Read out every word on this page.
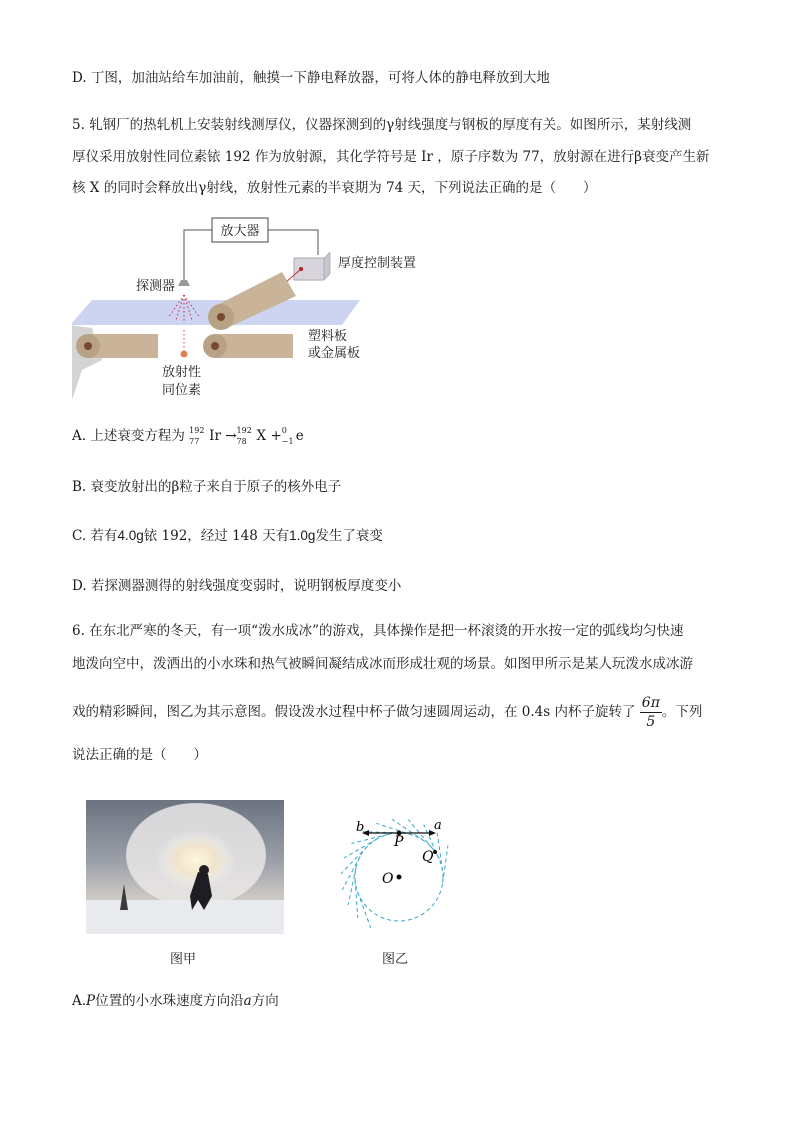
D. 丁图，加油站给车加油前，触摸一下静电释放器，可将人体的静电释放到大地
5. 轧钢厂的热轧机上安装射线测厚仪，仪器探测到的γ射线强度与钢板的厚度有关。如图所示，某射线测
厚仪采用放射性同位素铱 192 作为放射源，其化学符号是 Ir ，原子序数为 77，放射源在进行β衰变产生新
核 X 的同时会释放出γ射线，放射性元素的半衰期为 74 天，下列说法正确的是（　　）
放大器
厚度控制装置
探测器
放射性
同位素
塑料板
或金属板
A. 上述衰变方程为 192
77 Ir → 192
78 X + 0
−1 e
B. 衰变放射出的β粒子来自于原子的核外电子
C. 若有4.0g铱 192，经过 148 天有1.0g发生了衰变
D. 若探测器测得的射线强度变弱时，说明钢板厚度变小
6. 在东北严寒的冬天，有一项“泼水成冰”的游戏，具体操作是把一杯滚烫的开水按一定的弧线均匀快速
地泼向空中，泼洒出的小水珠和热气被瞬间凝结成冰而形成壮观的场景。如图甲所示是某人玩泼水成冰游
戏的精彩瞬间，图乙为其示意图。假设泼水过程中杯子做匀速圆周运动，在 0.4s 内杯子旋转了 $\frac{6\pi}{5}$ 。下列
说法正确的是（　　）
图甲
a
b
P
Q
O
图乙
A.P位置的小水珠速度方向沿a方向
